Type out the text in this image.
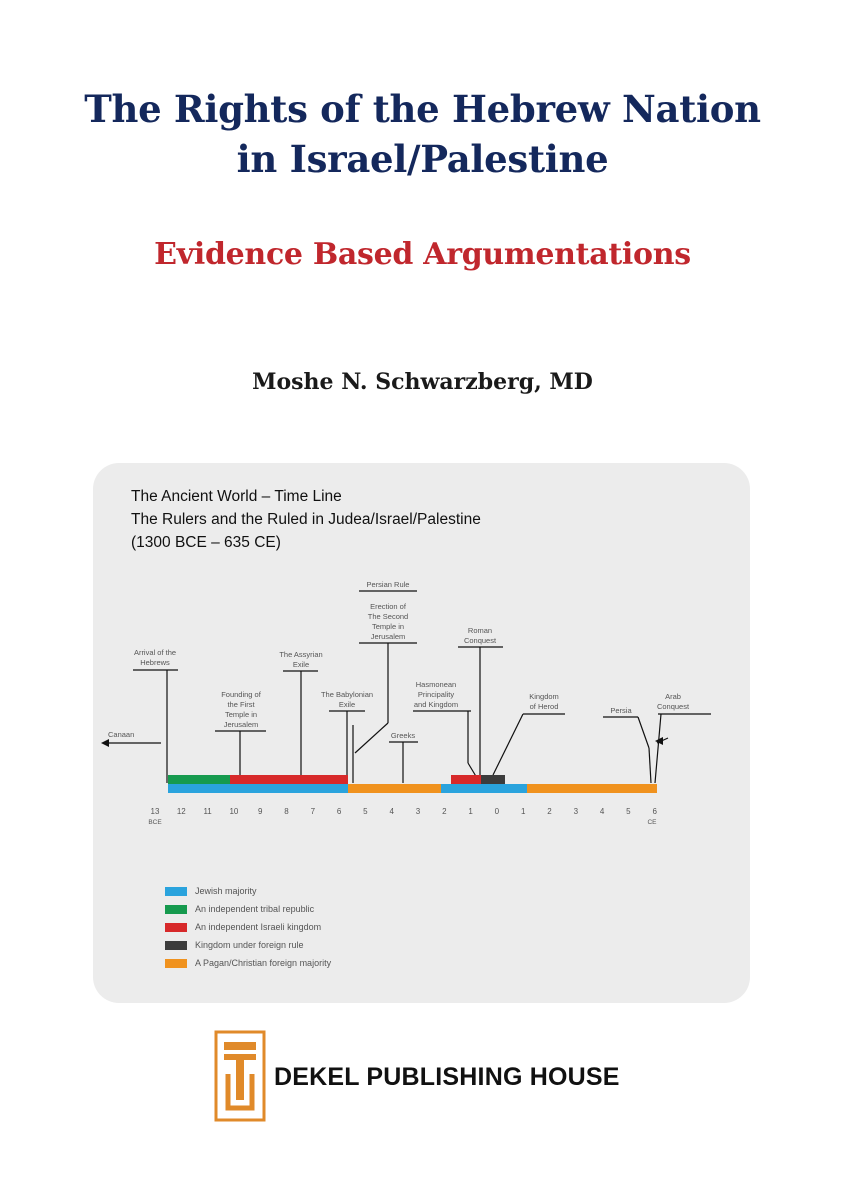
The Rights of the Hebrew Nation
in Israel/Palestine
Evidence Based Argumentations
Moshe N. Schwarzberg, MD
The Ancient World – Time Line
The Rulers and the Ruled in Judea/Israel/Palestine
(1300 BCE – 635 CE)
Canaan
Arrival of the
Hebrews
Founding of
the First
Temple in
Jerusalem
The Assyrian
Exile
The Babylonian
Exile
Persian Rule
Erection of
The Second
Temple in
Jerusalem
Greeks
Hasmonean
Principality
and Kingdom
Roman
Conquest
Kingdom
of Herod	Persia
Arab
Conquest
13 12 11 10 9	8	7	6	5	4	3	2	1	0	1	2	3	4	5	6
BCE	CE
Jewish majority
An independent tribal republic
An independent Israeli kingdom
Kingdom under foreign rule
A Pagan/Christian foreign majority
DEKEL PUBLISHING HOUSE
